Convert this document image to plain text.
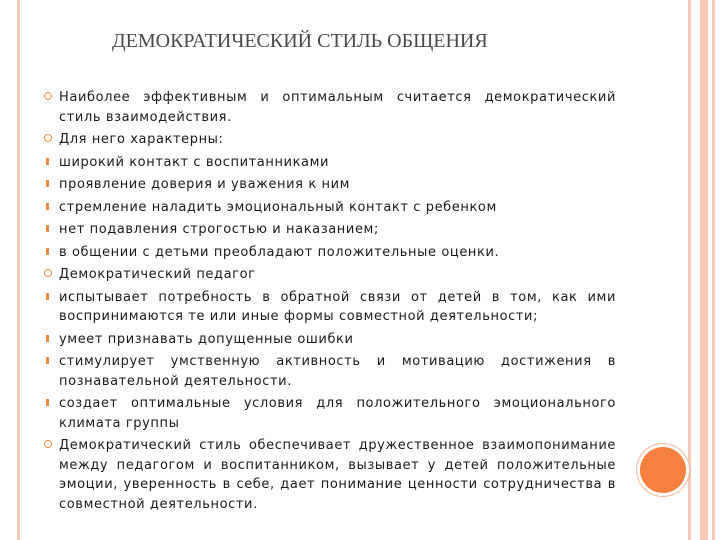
ДЕМОКРАТИЧЕСКИЙ СТИЛЬ ОБЩЕНИЯ
Наиболее эффективным и оптимальным считается демократический стиль взаимодействия.
Для него характерны:
широкий контакт с воспитанниками
проявление доверия и уважения к ним
стремление наладить эмоциональный контакт с ребенком
нет подавления строгостью и наказанием;
в общении с детьми преобладают положительные оценки.
Демократический педагог
испытывает потребность в обратной связи от детей в том, как ими воспринимаются те или иные формы совместной деятельности;
умеет признавать допущенные ошибки
стимулирует умственную активность и мотивацию достижения в познавательной деятельности.
создает оптимальные условия для положительного эмоционального климата группы
Демократический стиль обеспечивает дружественное взаимопонимание между педагогом и воспитанником, вызывает у детей положительные эмоции, уверенность в себе, дает понимание ценности сотрудничества в совместной деятельности.
